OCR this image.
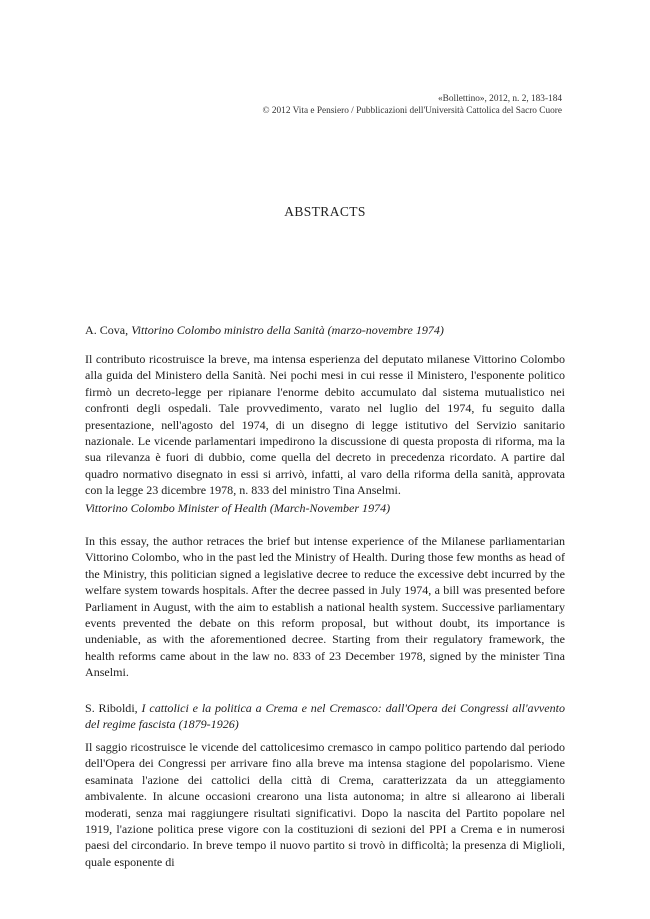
«Bollettino», 2012, n. 2, 183-184
© 2012 Vita e Pensiero / Pubblicazioni dell'Università Cattolica del Sacro Cuore
ABSTRACTS

A. Cova, Vittorino Colombo ministro della Sanità (marzo-novembre 1974)

Il contributo ricostruisce la breve, ma intensa esperienza del deputato milanese Vittorino Colombo alla guida del Ministero della Sanità. Nei pochi mesi in cui resse il Ministero, l'esponente politico firmò un decreto-legge per ripianare l'enorme debito accumulato dal sistema mutualistico nei confronti degli ospedali. Tale provvedimento, varato nel luglio del 1974, fu seguito dalla presentazione, nell'agosto del 1974, di un disegno di legge istitutivo del Servizio sanitario nazionale. Le vicende parlamentari impedirono la discussione di questa proposta di riforma, ma la sua rilevanza è fuori di dubbio, come quella del decreto in precedenza ricordato. A partire dal quadro normativo disegnato in essi si arrivò, infatti, al varo della riforma della sanità, approvata con la legge 23 dicembre 1978, n. 833 del ministro Tina Anselmi.

Vittorino Colombo Minister of Health (March-November 1974)

In this essay, the author retraces the brief but intense experience of the Milanese parliamentarian Vittorino Colombo, who in the past led the Ministry of Health. During those few months as head of the Ministry, this politician signed a legislative decree to reduce the excessive debt incurred by the welfare system towards hospitals. After the decree passed in July 1974, a bill was presented before Parliament in August, with the aim to establish a national health system. Successive parliamentary events prevented the debate on this reform proposal, but without doubt, its importance is undeniable, as with the aforementioned decree. Starting from their regulatory framework, the health reforms came about in the law no. 833 of 23 December 1978, signed by the minister Tina Anselmi.

S. Riboldi, I cattolici e la politica a Crema e nel Cremasco: dall'Opera dei Congressi all'avvento del regime fascista (1879-1926)

Il saggio ricostruisce le vicende del cattolicesimo cremasco in campo politico partendo dal periodo dell'Opera dei Congressi per arrivare fino alla breve ma intensa stagione del popolarismo. Viene esaminata l'azione dei cattolici della città di Crema, caratterizzata da un atteggiamento ambivalente. In alcune occasioni crearono una lista autonoma; in altre si allearono ai liberali moderati, senza mai raggiungere risultati significativi. Dopo la nascita del Partito popolare nel 1919, l'azione politica prese vigore con la costituzioni di sezioni del PPI a Crema e in numerosi paesi del circondario. In breve tempo il nuovo partito si trovò in difficoltà; la presenza di Miglioli, quale esponente di
